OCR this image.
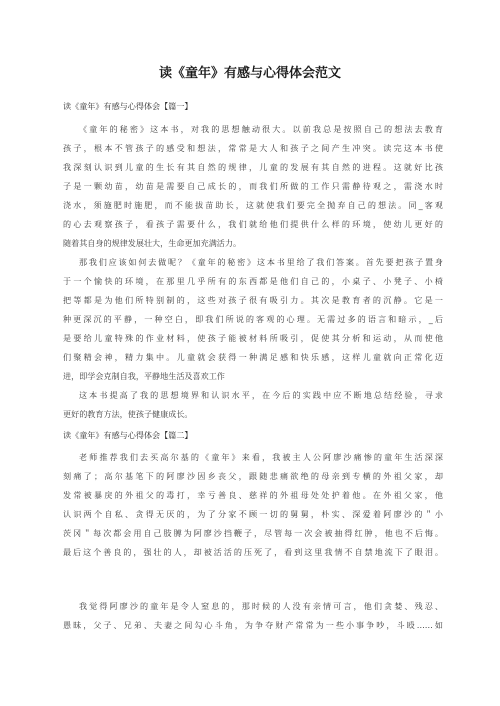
读《童年》有感与心得体会范文
读《童年》有感与心得体会【篇一】
《童年的秘密》这本书，对我的思想触动很大。以前我总是按照自己的想法去教育
孩子，根本不管孩子的感受和想法，常常是大人和孩子之间产生冲突。读完这本书使
我深刻认识到儿童的生长有其自然的规律，儿童的发展有其自然的进程。这就好比孩
子是一颗幼苗，幼苗是需要自己成长的，而我们所做的工作只需静待观之，需浇水时
浇水，须施肥时施肥，而不能拔苗助长，这就使我们要完全抛弃自己的想法。同_客观
的心去观察孩子，看孩子需要什么，我们就给他们提供什么样的环境，使幼儿更好的
随着其自身的规律发展壮大，生命更加充满活力。
那我们应该如何去做呢？《童年的秘密》这本书里给了我们答案。首先要把孩子置身
于一个愉快的环境，在那里几乎所有的东西都是他们自己的，小桌子、小凳子、小椅
把等都是为他们所特别制的，这些对孩子很有吸引力。其次是教育者的沉静。它是一
种更深沉的平静，一种空白，即我们所说的客观的心理。无需过多的语言和暗示，_后
是要给儿童特殊的作业材料，使孩子能被材料所吸引，促使其分析和运动，从而使他
们聚精会神，精力集中。儿童就会获得一种满足感和快乐感，这样儿童就向正常化迈
进，即学会克制自我，平静地生活及喜欢工作
这本书提高了我的思想境界和认识水平，在今后的实践中应不断地总结经验，寻求
更好的教育方法，使孩子健康成长。
读《童年》有感与心得体会【篇二】
老师推荐我们去买高尔基的《童年》来看，我被主人公阿廖沙痛惨的童年生活深深
刻痛了；高尔基笔下的阿廖沙因乡丧父，跟随悲痛欲绝的母亲到专横的外祖父家，却
发常被暴戾的外祖父的毒打，幸亏善良、慈祥的外祖母处处护着他。在外祖父家，他
认识两个自私、贪得无厌的，为了分家不顾一切的舅舅，朴实、深爱着阿廖沙的＂小
茨冈＂每次都会用自己肢膊为阿廖沙挡鞭子，尽管每一次会被抽得红肿，他也不后悔。
最后这个善良的，强壮的人，却被活活的压死了，看到这里我情不自禁地流下了眼泪。
我觉得阿廖沙的童年是令人窒息的，那时候的人没有亲情可言，他们贪婪、残忍、
愚昧，父子、兄弟、夫妻之间勾心斗角，为争夺财产常常为一些小事争吵，斗殴……如
